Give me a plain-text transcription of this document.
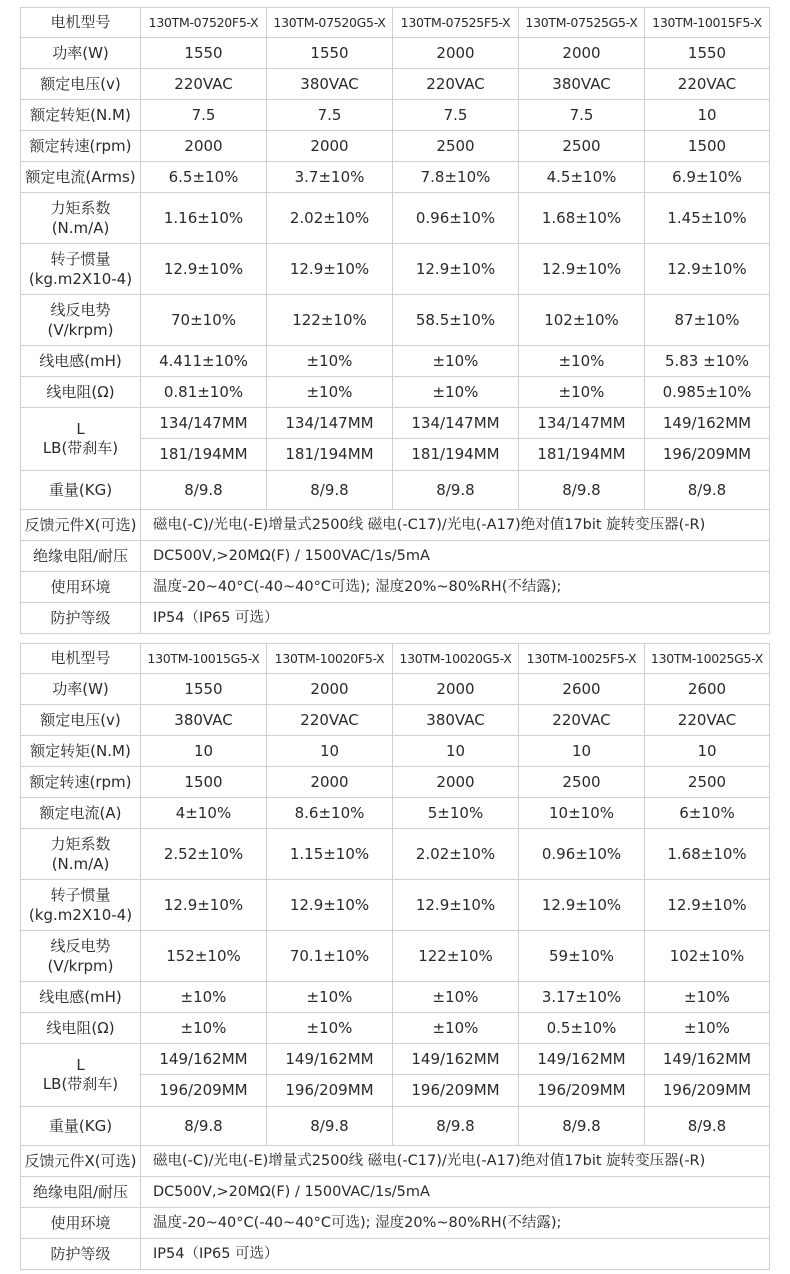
电机型号	130TM-07520F5-X	130TM-07520G5-X	130TM-07525F5-X	130TM-07525G5-X	130TM-10015F5-X
功率(W)	1550	1550	2000	2000	1550
额定电压(v)	220VAC	380VAC	220VAC	380VAC	220VAC
额定转矩(N.M)	7.5	7.5	7.5	7.5	10
额定转速(rpm)	2000	2000	2500	2500	1500
额定电流(Arms)	6.5±10%	3.7±10%	7.8±10%	4.5±10%	6.9±10%
力矩系数
(N.m/A)	1.16±10%	2.02±10%	0.96±10%	1.68±10%	1.45±10%
转子惯量
(kg.m2X10-4)	12.9±10%	12.9±10%	12.9±10%	12.9±10%	12.9±10%
线反电势
(V/krpm)	70±10%	122±10%	58.5±10%	102±10%	87±10%
线电感(mH)	4.411±10%	±10%	±10%	±10%	5.83 ±10%
线电阻(Ω)	0.81±10%	±10%	±10%	±10%	0.985±10%
L
LB(带刹车)	134/147MM	134/147MM	134/147MM	134/147MM	149/162MM
	181/194MM	181/194MM	181/194MM	181/194MM	196/209MM
重量(KG)	8/9.8	8/9.8	8/9.8	8/9.8	8/9.8
反馈元件X(可选)	磁电(-C)/光电(-E)增量式2500线 磁电(-C17)/光电(-A17)绝对值17bit 旋转变压器(-R)				
绝缘电阻/耐压	DC500V,>20MΩ(F) / 1500VAC/1s/5mA				
使用环境	温度-20~40°C(-40~40°C可选); 湿度20%~80%RH(不结露);				
防护等级	IP54（IP65 可选）				
电机型号	130TM-10015G5-X	130TM-10020F5-X	130TM-10020G5-X	130TM-10025F5-X	130TM-10025G5-X
功率(W)	1550	2000	2000	2600	2600
额定电压(v)	380VAC	220VAC	380VAC	220VAC	220VAC
额定转矩(N.M)	10	10	10	10	10
额定转速(rpm)	1500	2000	2000	2500	2500
额定电流(A)	4±10%	8.6±10%	5±10%	10±10%	6±10%
力矩系数
(N.m/A)	2.52±10%	1.15±10%	2.02±10%	0.96±10%	1.68±10%
转子惯量
(kg.m2X10-4)	12.9±10%	12.9±10%	12.9±10%	12.9±10%	12.9±10%
线反电势
(V/krpm)	152±10%	70.1±10%	122±10%	59±10%	102±10%
线电感(mH)	±10%	±10%	±10%	3.17±10%	±10%
线电阻(Ω)	±10%	±10%	±10%	0.5±10%	±10%
L
LB(带刹车)	149/162MM	149/162MM	149/162MM	149/162MM	149/162MM
	196/209MM	196/209MM	196/209MM	196/209MM	196/209MM
重量(KG)	8/9.8	8/9.8	8/9.8	8/9.8	8/9.8
反馈元件X(可选)	磁电(-C)/光电(-E)增量式2500线 磁电(-C17)/光电(-A17)绝对值17bit 旋转变压器(-R)				
绝缘电阻/耐压	DC500V,>20MΩ(F) / 1500VAC/1s/5mA				
使用环境	温度-20~40°C(-40~40°C可选); 湿度20%~80%RH(不结露);				
防护等级	IP54（IP65 可选）				
